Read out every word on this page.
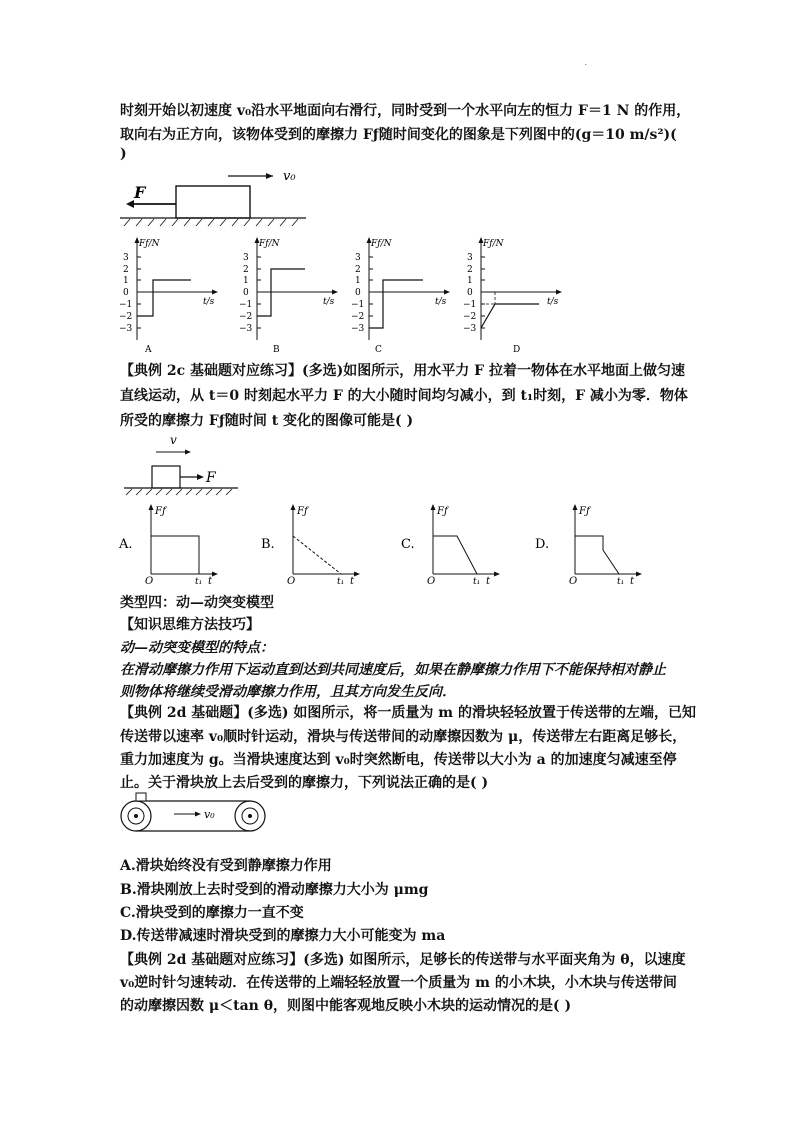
.
时刻开始以初速度 v₀沿水平地面向右滑行，同时受到一个水平向左的恒力 F＝1 N 的作用，
取向右为正方向，该物体受到的摩擦力 Fƒ随时间变化的图象是下列图中的(g＝10 m/s²)(
)
v₀
F
Fƒ/N
3
2
1
0
−1
−2
−3
t/s
A
Fƒ/N
3
2
1
0
−1
−2
−3
t/s
B
Fƒ/N
3
2
1
0
−1
−2
−3
t/s
C
Fƒ/N
3
2
1
0
−1
−2
−3
t/s
D
【典例 2c 基础题对应练习】(多选)如图所示，用水平力 F 拉着一物体在水平地面上做匀速
直线运动，从 t＝0 时刻起水平力 F 的大小随时间均匀减小，到 t₁时刻，F 减小为零．物体
所受的摩擦力 Fƒ随时间 t 变化的图像可能是( )
v
F
Fƒ
O	t₁ t
A.
Fƒ
O	t₁ t
B.
Fƒ
O	t₁ t
C.
Fƒ
O	t₁ t
D.
类型四：动—动突变模型
【知识思维方法技巧】
动—动突变模型的特点：
在滑动摩擦力作用下运动直到达到共同速度后，如果在静摩擦力作用下不能保持相对静止
则物体将继续受滑动摩擦力作用，且其方向发生反向．
【典例 2d 基础题】(多选) 如图所示，将一质量为 m 的滑块轻轻放置于传送带的左端，已知
传送带以速率 v₀顺时针运动，滑块与传送带间的动摩擦因数为 μ，传送带左右距离足够长，
重力加速度为 g。当滑块速度达到 v₀时突然断电，传送带以大小为 a 的加速度匀减速至停
止。关于滑块放上去后受到的摩擦力，下列说法正确的是( )
v₀
A.滑块始终没有受到静摩擦力作用
B.滑块刚放上去时受到的滑动摩擦力大小为 μmg
C.滑块受到的摩擦力一直不变
D.传送带减速时滑块受到的摩擦力大小可能变为 ma
【典例 2d 基础题对应练习】(多选) 如图所示，足够长的传送带与水平面夹角为 θ，以速度
v₀逆时针匀速转动．在传送带的上端轻轻放置一个质量为 m 的小木块，小木块与传送带间
的动摩擦因数 μ＜tan θ，则图中能客观地反映小木块的运动情况的是( )
